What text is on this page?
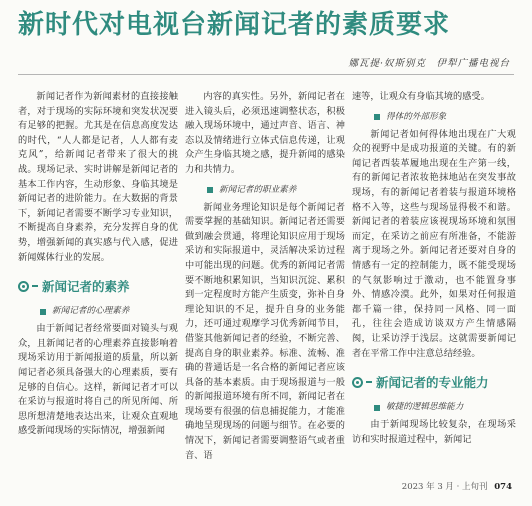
新时代对电视台新闻记者的素质要求
娜瓦提·奴斯别克　伊犁广播电视台

新闻记者作为新闻素材的直接接触者，对于现场的实际环境和突发状况要有足够的把握。尤其是在信息高度发达的时代，“人人都是记者，人人都有麦克风”，给新闻记者带来了很大的挑战。现场记录、实时讲解是新闻记者的基本工作内容，生动形象、身临其境是新闻记者的进阶能力。在大数据的背景下，新闻记者需要不断学习专业知识，不断提高自身素养，充分发挥自身的优势，增强新闻的真实感与代入感，促进新闻媒体行业的发展。

新闻记者的素养
新闻记者的心理素养

由于新闻记者经常要面对镜头与观众，且新闻记者的心理素养直接影响着现场采访用于新闻报道的质量，所以新闻记者必须具备强大的心理素质，要有足够的自信心。这样，新闻记者才可以在采访与报道时将自己的所见所闻、所思所想清楚地表达出来，让观众直观地感受新闻现场的实际情况，增强新闻

内容的真实性。另外，新闻记者在进入镜头后，必须迅速调整状态，积极融入现场环境中，通过声音、语言、神态以及情绪进行立体式信息传递，让观众产生身临其境之感，提升新闻的感染力和共情力。

新闻记者的职业素养

新闻业务理论知识是每个新闻记者需要掌握的基础知识。新闻记者还需要做到融会贯通，将理论知识应用于现场采访和实际报道中，灵活解决采访过程中可能出现的问题。优秀的新闻记者需要不断地积累知识，当知识沉淀、累积到一定程度时方能产生质变，弥补自身理论知识的不足，提升自身的业务能力，还可通过观摩学习优秀新闻节目，借鉴其他新闻记者的经验，不断完善、提高自身的职业素养。标准、流畅、准确的普通话是一名合格的新闻记者应该具备的基本素质。由于现场报道与一般的新闻报道环境有所不同，新闻记者在现场要有很强的信息捕捉能力，才能准确地呈现现场的问题与细节。在必要的情况下，新闻记者需要调整语气或者重音、语

速等，让观众有身临其境的感受。

得体的外部形象

新闻记者如何得体地出现在广大观众的视野中是成功报道的关键。有的新闻记者西装革履地出现在生产第一线，有的新闻记者浓妆艳抹地站在突发事故现场，有的新闻记者着装与报道环境格格不入等，这些与现场显得极不和谐。新闻记者的着装应该视现场环境和氛围而定，在采访之前应有所准备，不能游离于现场之外。新闻记者还要对自身的情感有一定的控制能力，既不能受现场的气氛影响过于激动，也不能置身事外、情感冷漠。此外，如果对任何报道都千篇一律，保持同一风格、同一面孔，往往会造成访谈双方产生情感隔阂，让采访浮于浅层。这就需要新闻记者在平常工作中注意总结经验。

新闻记者的专业能力
敏捷的逻辑思维能力

由于新闻现场比较复杂，在现场采访和实时报道过程中，新闻记

2023 年 3 月 · 上旬刊 074
